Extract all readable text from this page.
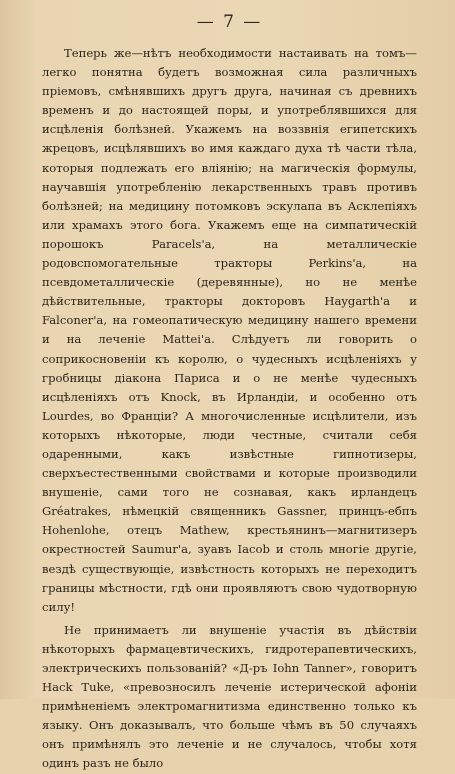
— 7 —

Теперь же—нѣтъ необходимости настаивать на томъ—легко понятна будетъ возможная сила различныхъ пріемовъ, смѣнявшихъ другъ друга, начиная съ древнихъ временъ и до настоящей поры, и употреблявшихся для исцѣленія болѣзней. Укажемъ на воззвнія египетскихъ жрецовъ, исцѣлявшихъ во имя каждаго духа тѣ части тѣла, которыя подлежать его вліянію; на магическія формулы, научавшія употребленію лекарственныхъ травъ противъ болѣзней; на медицину потомковъ эскулапа въ Асклепіяхъ или храмахъ этого бога. Укажемъ еще на симпатическій порошокъ Paracels'а, на металлическіе родовспомогательные тракторы Perkins'а, на псевдометаллическіе (деревянные), но не менѣе дѣйствительные, тракторы докторовъ Haygarth'а и Falconer'а, на гомеопатическую медицину нашего времени и на леченіе Mattei'а. Слѣдуетъ ли говорить о соприкосновеніи къ королю, о чудесныхъ исцѣленіяхъ у гробницы діакона Париса и о не менѣе чудесныхъ исцѣленіяхъ отъ Knock, въ Ирландіи, и особенно отъ Lourdes, во Франціи? А многочисленные исцѣлители, изъ которыхъ нѣкоторые, люди честные, считали себя одаренными, какъ извѣстные гипнотизеры, сверхъестественными свойствами и которые производили внушеніе, сами того не сознавая, какъ ирландецъ Gréatrakes, нѣмецкій священникъ Gassner, принцъ-ебпъ Hohenlohe, отецъ Mathew, крестьянинъ—магнитизеръ окрестностей Saumur'а, зуавъ Iacob и столь многіе другіе, вездѣ существующіе, извѣстность которыхъ не переходитъ границы мѣстности, гдѣ они проявляютъ свою чудотворную силу!

Не принимаетъ ли внушеніе участія въ дѣйствіи нѣкоторыхъ фармацевтическихъ, гидротерапевтическихъ, электрическихъ пользованій? «Д-ръ Iohn Tanner», говоритъ Hack Tuke, «превозносилъ леченіе истерической афоніи примѣненіемъ электромагнитизма единственно только къ языку. Онъ доказывалъ, что больше чѣмъ въ 50 случаяхъ онъ примѣнялъ это леченіе и не случалось, чтобы хотя одинъ разъ не было
